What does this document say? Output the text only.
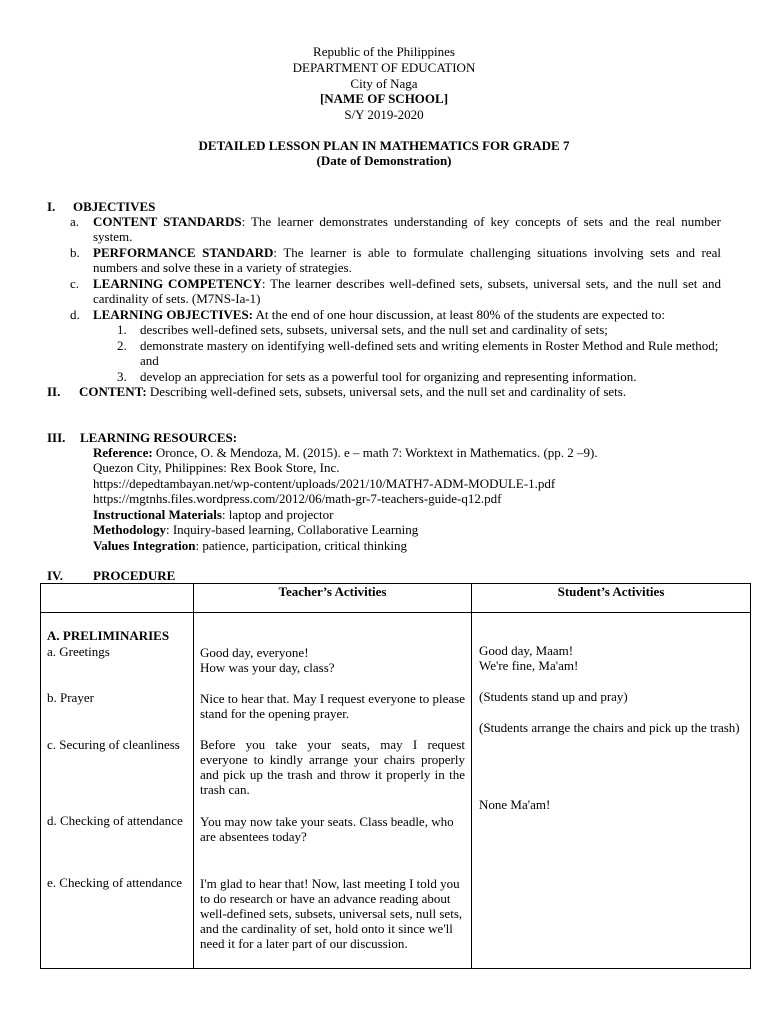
Republic of the Philippines
DEPARTMENT OF EDUCATION
City of Naga
[NAME OF SCHOOL]
S/Y 2019-2020
DETAILED LESSON PLAN IN MATHEMATICS FOR GRADE 7
(Date of Demonstration)
I. OBJECTIVES
a. CONTENT STANDARDS: The learner demonstrates understanding of key concepts of sets and the real number system.
b. PERFORMANCE STANDARD: The learner is able to formulate challenging situations involving sets and real numbers and solve these in a variety of strategies.
c. LEARNING COMPETENCY: The learner describes well-defined sets, subsets, universal sets, and the null set and cardinality of sets. (M7NS-Ia-1)
d. LEARNING OBJECTIVES: At the end of one hour discussion, at least 80% of the students are expected to:
1. describes well-defined sets, subsets, universal sets, and the null set and cardinality of sets;
2. demonstrate mastery on identifying well-defined sets and writing elements in Roster Method and Rule method; and
3. develop an appreciation for sets as a powerful tool for organizing and representing information.
II. CONTENT: Describing well-defined sets, subsets, universal sets, and the null set and cardinality of sets.
III. LEARNING RESOURCES:
Reference: Oronce, O. & Mendoza, M. (2015). e – math 7: Worktext in Mathematics. (pp. 2 –9).
Quezon City, Philippines: Rex Book Store, Inc.
https://depedtambayan.net/wp-content/uploads/2021/10/MATH7-ADM-MODULE-1.pdf
https://mgtnhs.files.wordpress.com/2012/06/math-gr-7-teachers-guide-q12.pdf
Instructional Materials: laptop and projector
Methodology: Inquiry-based learning, Collaborative Learning
Values Integration: patience, participation, critical thinking
IV. PROCEDURE
Teacher’s Activities	Student’s Activities
A. PRELIMINARIES
a. Greetings
b. Prayer
c. Securing of cleanliness
d. Checking of attendance
e. Checking of attendance
Good day, everyone!
How was your day, class?
Nice to hear that. May I request everyone to please stand for the opening prayer.
Before you take your seats, may I request everyone to kindly arrange your chairs properly and pick up the trash and throw it properly in the trash can.
You may now take your seats. Class beadle, who are absentees today?
I'm glad to hear that! Now, last meeting I told you to do research or have an advance reading about well-defined sets, subsets, universal sets, null sets, and the cardinality of set, hold onto it since we'll need it for a later part of our discussion.
Good day, Maam!
We're fine, Ma'am!
(Students stand up and pray)
(Students arrange the chairs and pick up the trash)
None Ma'am!
